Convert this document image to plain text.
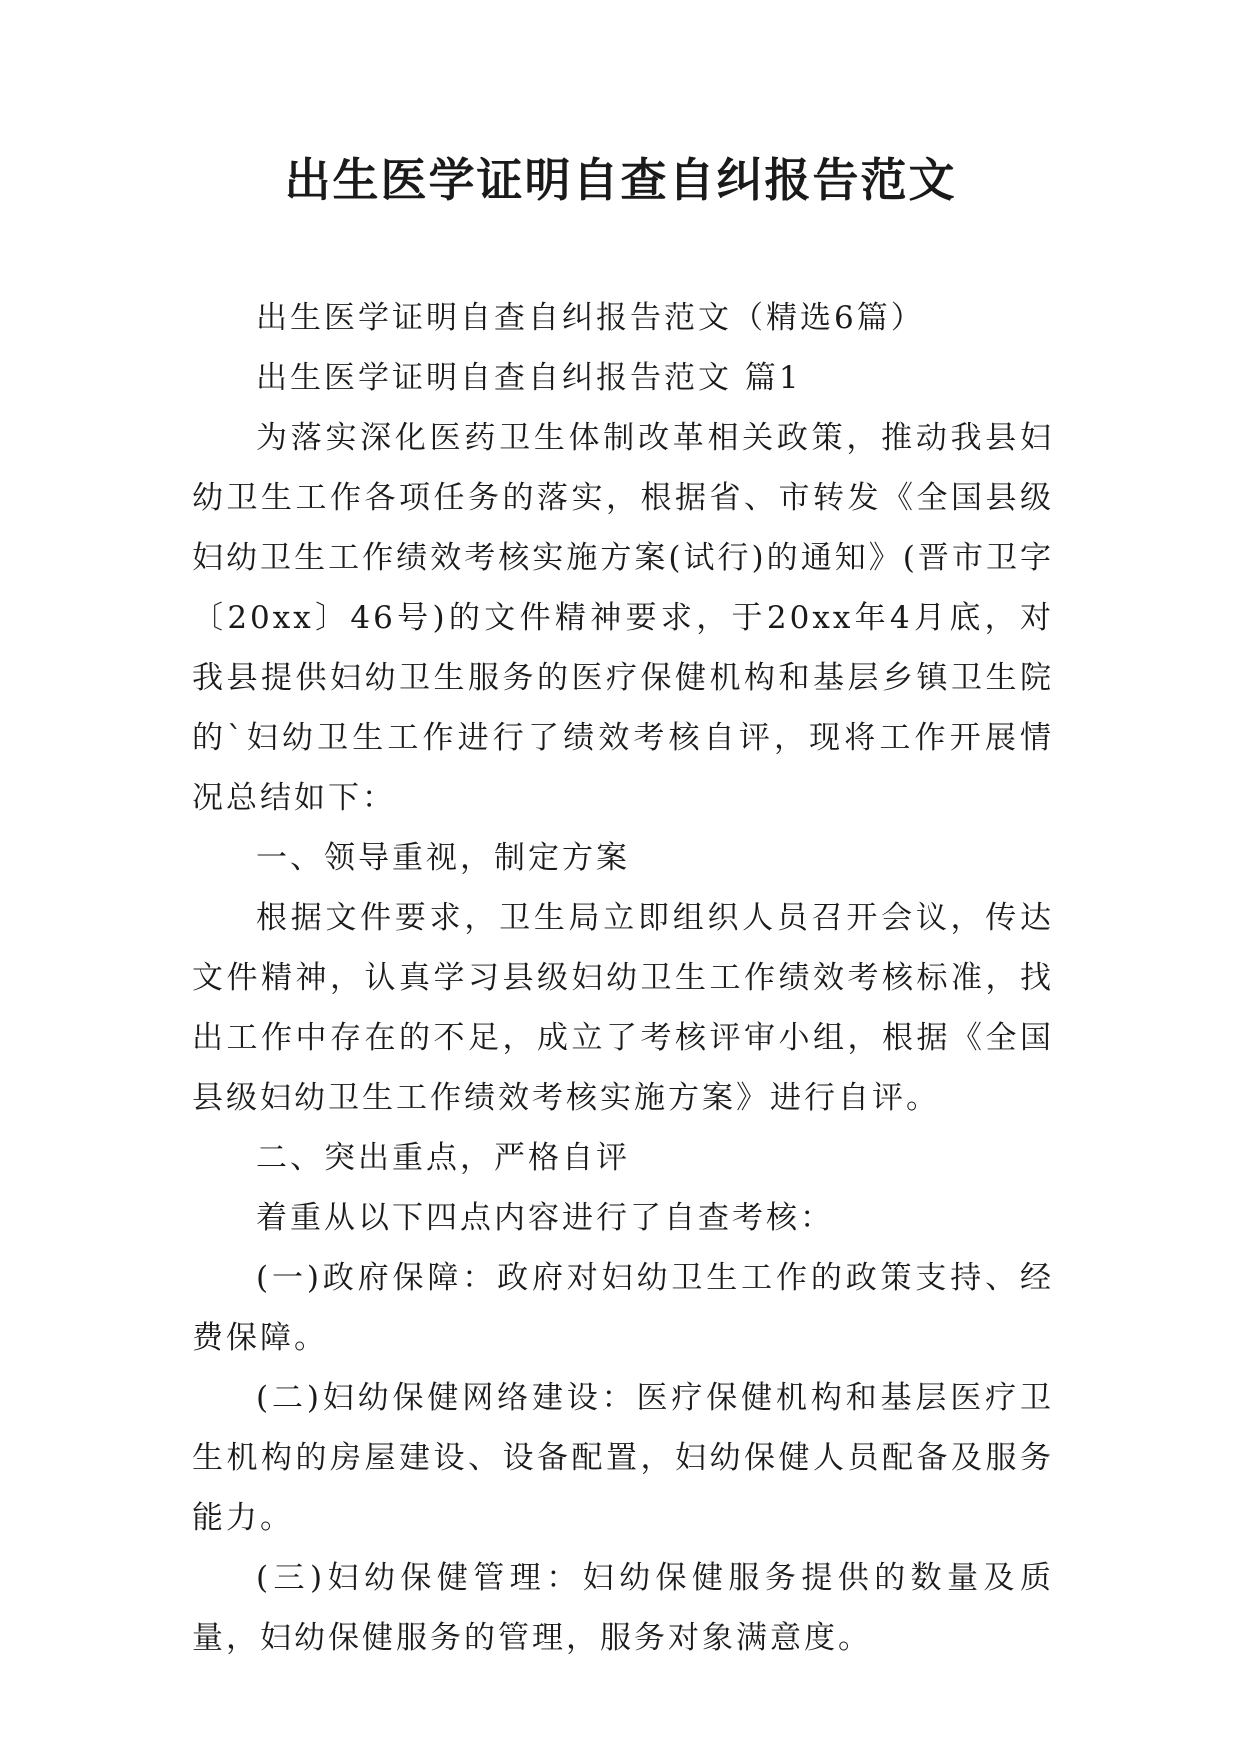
出生医学证明自查自纠报告范文

出生医学证明自查自纠报告范文（精选6篇）

出生医学证明自查自纠报告范文 篇1

为落实深化医药卫生体制改革相关政策，推动我县妇幼卫生工作各项任务的落实，根据省、市转发《全国县级妇幼卫生工作绩效考核实施方案(试行)的通知》(晋市卫字〔20xx〕46号)的文件精神要求，于20xx年4月底，对我县提供妇幼卫生服务的医疗保健机构和基层乡镇卫生院的`妇幼卫生工作进行了绩效考核自评，现将工作开展情况总结如下：

一、领导重视，制定方案

根据文件要求，卫生局立即组织人员召开会议，传达文件精神，认真学习县级妇幼卫生工作绩效考核标准，找出工作中存在的不足，成立了考核评审小组，根据《全国县级妇幼卫生工作绩效考核实施方案》进行自评。

二、突出重点，严格自评

着重从以下四点内容进行了自查考核：

(一)政府保障：政府对妇幼卫生工作的政策支持、经费保障。

(二)妇幼保健网络建设：医疗保健机构和基层医疗卫生机构的房屋建设、设备配置，妇幼保健人员配备及服务能力。

(三)妇幼保健管理：妇幼保健服务提供的数量及质量，妇幼保健服务的管理，服务对象满意度。
